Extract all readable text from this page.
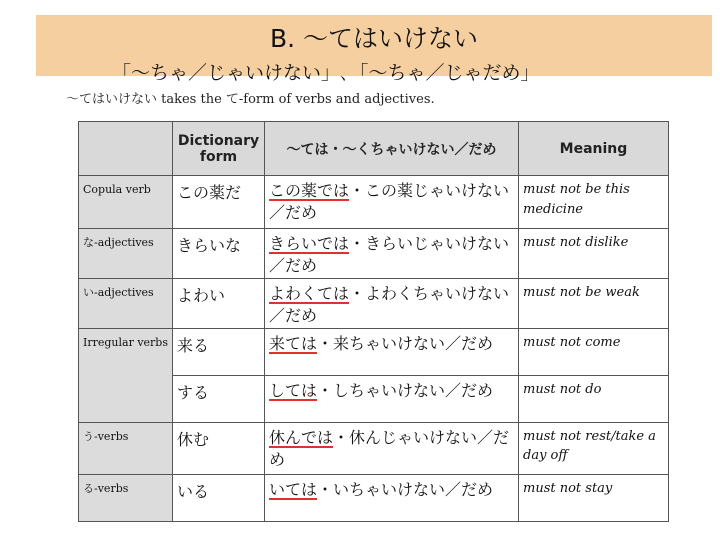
B. ～てはいけない
「～ちゃ／じゃいけない」､「～ちゃ／じゃだめ」
～てはいけない takes the て-form of verbs and adjectives.
	Dictionary form	～ては・～くちゃいけない／だめ	Meaning
Copula verb	この薬だ	この薬では・この薬じゃいけない／だめ	must not be this medicine
な-adjectives	きらいな	きらいでは・きらいじゃいけない／だめ	must not dislike
い-adjectives	よわい	よわくては・よわくちゃいけない／だめ	must not be weak
Irregular verbs	来る	来ては・来ちゃいけない／だめ	must not come
	する	しては・しちゃいけない／だめ	must not do
う-verbs	休む	休んでは・休んじゃいけない／だめ	must not rest/take a day off
る-verbs	いる	いては・いちゃいけない／だめ	must not stay
